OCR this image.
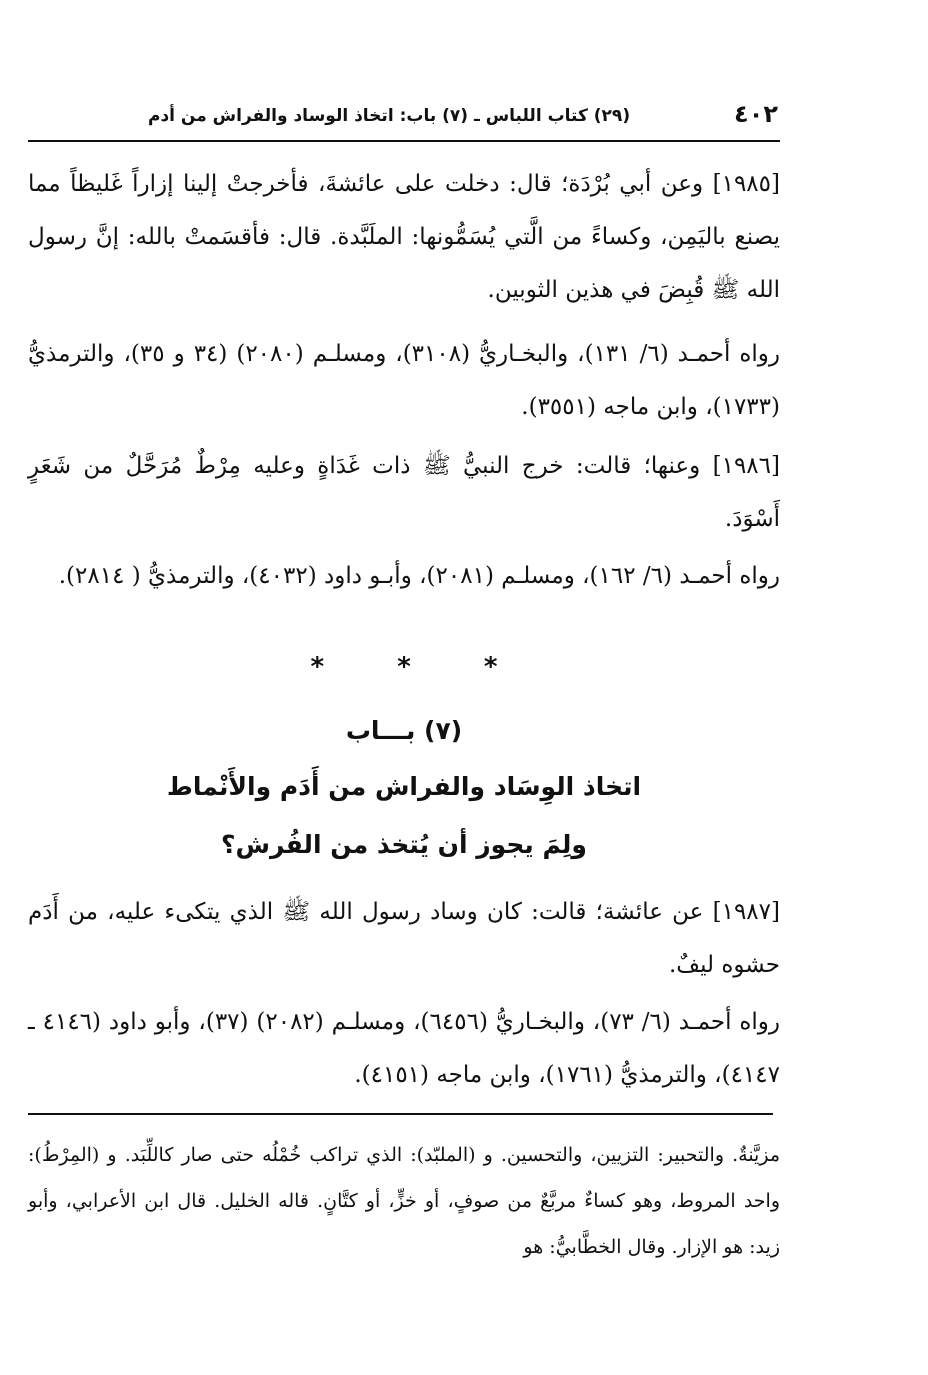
٤٠٢
(٢٩) كتاب اللباس ـ (٧) باب: اتخاذ الوساد والفراش من أدم

[١٩٨٥] وعن أبي بُرْدَة؛ قال: دخلت على عائشةَ، فأخرجتْ إلينا إزاراً غَليظاً مما يصنع باليَمِن، وكساءً من الَّتي يُسَمُّونها: الملَبَّدة. قال: فأقسَمتْ بالله: إنَّ رسول الله ﷺ قُبِضَ في هذين الثوبين.

رواه أحمـد (٦/ ١٣١)، والبخـاريُّ (٣١٠٨)، ومسلـم (٢٠٨٠) (٣٤ و ٣٥)، والترمذيُّ (١٧٣٣)، وابن ماجه (٣٥٥١).

[١٩٨٦] وعنها؛ قالت: خرج النبيُّ ﷺ ذات غَدَاةٍ وعليه مِرْطٌ مُرَحَّلٌ من شَعَرٍ أَسْوَدَ.

رواه أحمـد (٦/ ١٦٢)، ومسلـم (٢٠٨١)، وأبـو داود (٤٠٣٢)، والترمذيُّ ( ٢٨١٤).

* * *
(٧) بـــاب
اتخاذ الوِسَاد والفراش من أَدَم والأَنْماط
ولِمَ يجوز أن يُتخذ من الفُرش؟

[١٩٨٧] عن عائشة؛ قالت: كان وساد رسول الله ﷺ الذي يتكىء عليه، من أَدَم حشوه ليفٌ.

رواه أحمـد (٦/ ٧٣)، والبخـاريُّ (٦٤٥٦)، ومسلـم (٢٠٨٢) (٣٧)، وأبو داود (٤١٤٦ ـ ٤١٤٧)، والترمذيُّ (١٧٦١)، وابن ماجه (٤١٥١).

مزيَّنةٌ. والتحبير: التزيين، والتحسين. و (الملبّد): الذي تراكب خُمْلُه حتى صار كاللِّبَد. و (المِرْطُ): واحد المروط، وهو كساءٌ مربَّعٌ من صوفٍ، أو خزٍّ، أو كتَّانٍ. قاله الخليل. قال ابن الأعرابي، وأبو زيد: هو الإزار. وقال الخطَّابيُّ: هو
